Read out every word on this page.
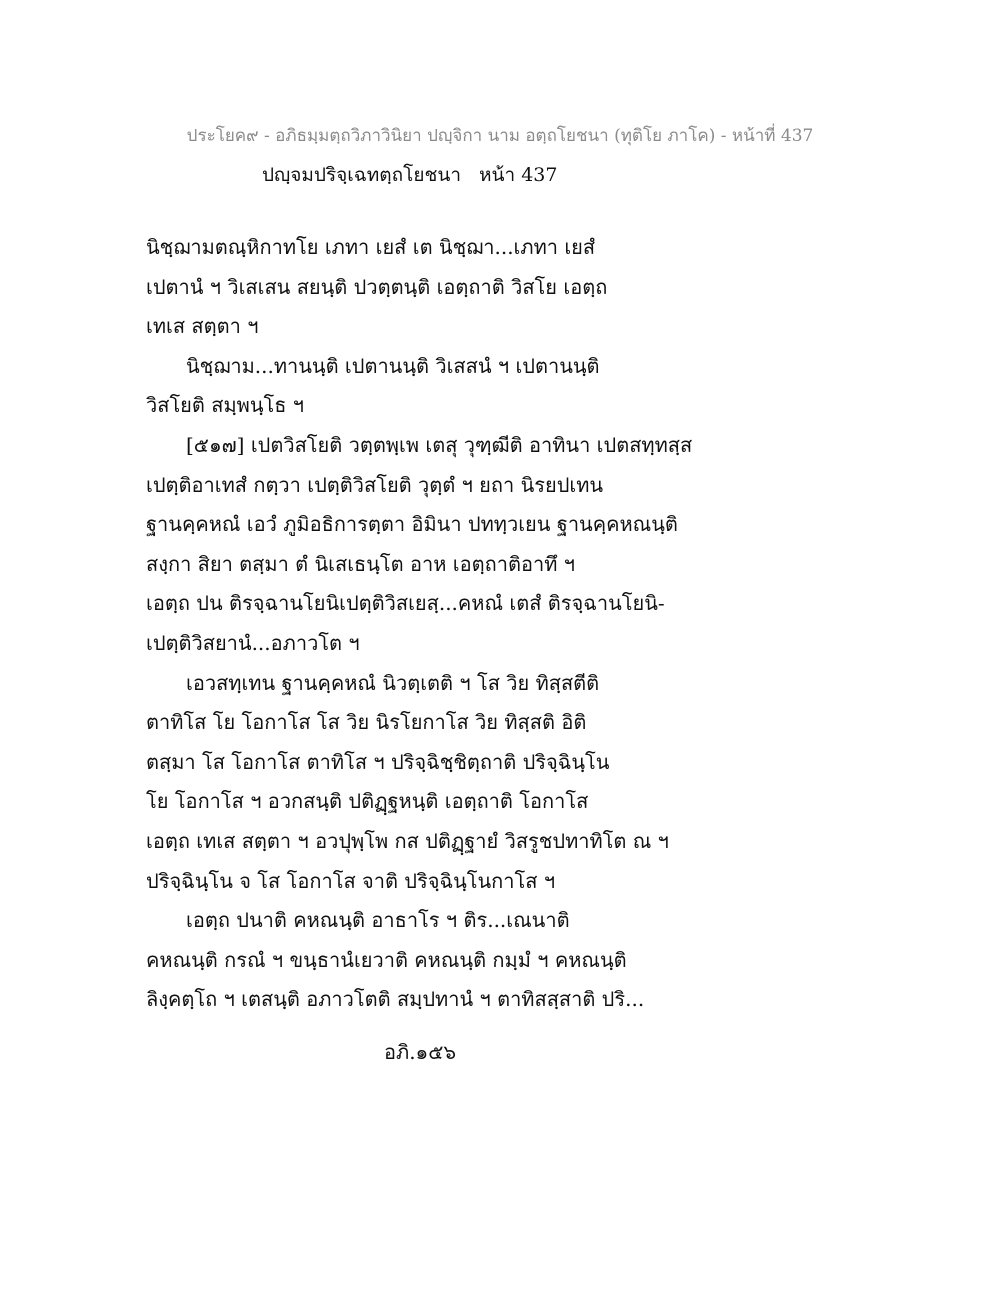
ประโยค๙ - อภิธมฺมตฺถวิภาวินิยา ปญฺจิกา นาม อตฺถโยชนา (ทุติโย ภาโค) - หน้าที่ 437
ปญฺจมปริจฺเฉทตฺถโยชนา หน้า 437
นิชฺฌามตณฺหิกาทโย เภทา เยสํ เต นิชฺฌา...เภทา เยสํ
เปตานํ ฯ วิเสเสน สยนฺติ ปวตฺตนฺติ เอตฺถาติ วิสโย เอตฺถ
เทเส สตฺตา ฯ
นิชฺฌาม...ทานนฺติ เปตานนฺติ วิเสสนํ ฯ เปตานนฺติ
วิสโยติ สมฺพนฺโธ ฯ
[๕๑๗] เปตวิสโยติ วตฺตพฺเพ เตสุ วุฑฺฒีติ อาทินา เปตสทฺทสฺส
เปตฺติอาเทสํ กตฺวา เปตฺติวิสโยติ วุตฺตํ ฯ ยถา นิรยปเทน
ฐานคฺคหณํ เอวํ ภูมิอธิการตฺตา อิมินา ปททฺวเยน ฐานคฺคหณนฺติ
สงฺกา สิยา ตสฺมา ตํ นิเสเธนฺโต อาห เอตฺถาติอาทึ ฯ
เอตฺถ ปน ติรจฺฉานโยนิเปตฺติวิสเยสฺ...คหณํ เตสํ ติรจฺฉานโยนิ-
เปตฺติวิสยานํ...อภาวโต ฯ
เอวสทฺเทน ฐานคฺคหณํ นิวตฺเตติ ฯ โส วิย ทิสฺสตีติ
ตาทิโส โย โอกาโส โส วิย นิรโยกาโส วิย ทิสฺสติ อิติ
ตสฺมา โส โอกาโส ตาทิโส ฯ ปริจฺฉิชฺชิตฺถาติ ปริจฺฉินฺโน
โย โอกาโส ฯ อวกสนฺติ ปติฏฺฐหนฺติ เอตฺถาติ โอกาโส
เอตฺถ เทเส สตฺตา ฯ อวปุพฺโพ กส ปติฏฺฐายํ วิสรูชปทาทิโต ณ ฯ
ปริจฺฉินฺโน จ โส โอกาโส จาติ ปริจฺฉินฺโนกาโส ฯ
เอตฺถ ปนาติ คหณนฺติ อาธาโร ฯ ติร...เณนาติ
คหณนฺติ กรณํ ฯ ขนฺธานํเยวาติ คหณนฺติ กมฺมํ ฯ คหณนฺติ
ลิงฺคตฺโถ ฯ เตสนฺติ อภาวโตติ สมฺปทานํ ฯ ตาทิสสฺสาติ ปริ...
อภิ.๑๕๖
